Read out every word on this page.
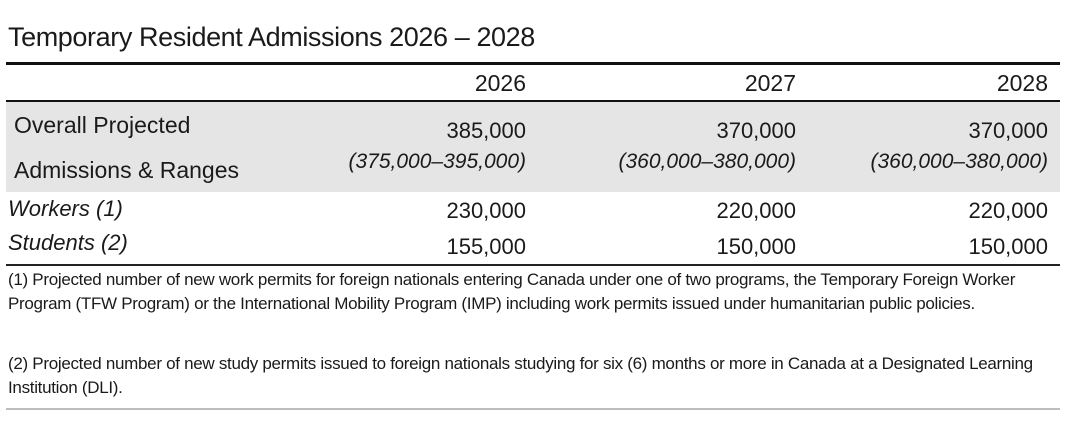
Temporary Resident Admissions 2026 – 2028
2026	2027	2028
Overall Projected
Admissions & Ranges
385,000	370,000	370,000
(375,000–395,000)	(360,000–380,000)	(360,000–380,000)
Workers (1)	230,000	220,000	220,000
Students (2)	155,000	150,000	150,000
(1) Projected number of new work permits for foreign nationals entering Canada under one of two programs, the Temporary Foreign Worker Program (TFW Program) or the International Mobility Program (IMP) including work permits issued under humanitarian public policies.
(2) Projected number of new study permits issued to foreign nationals studying for six (6) months or more in Canada at a Designated Learning Institution (DLI).
